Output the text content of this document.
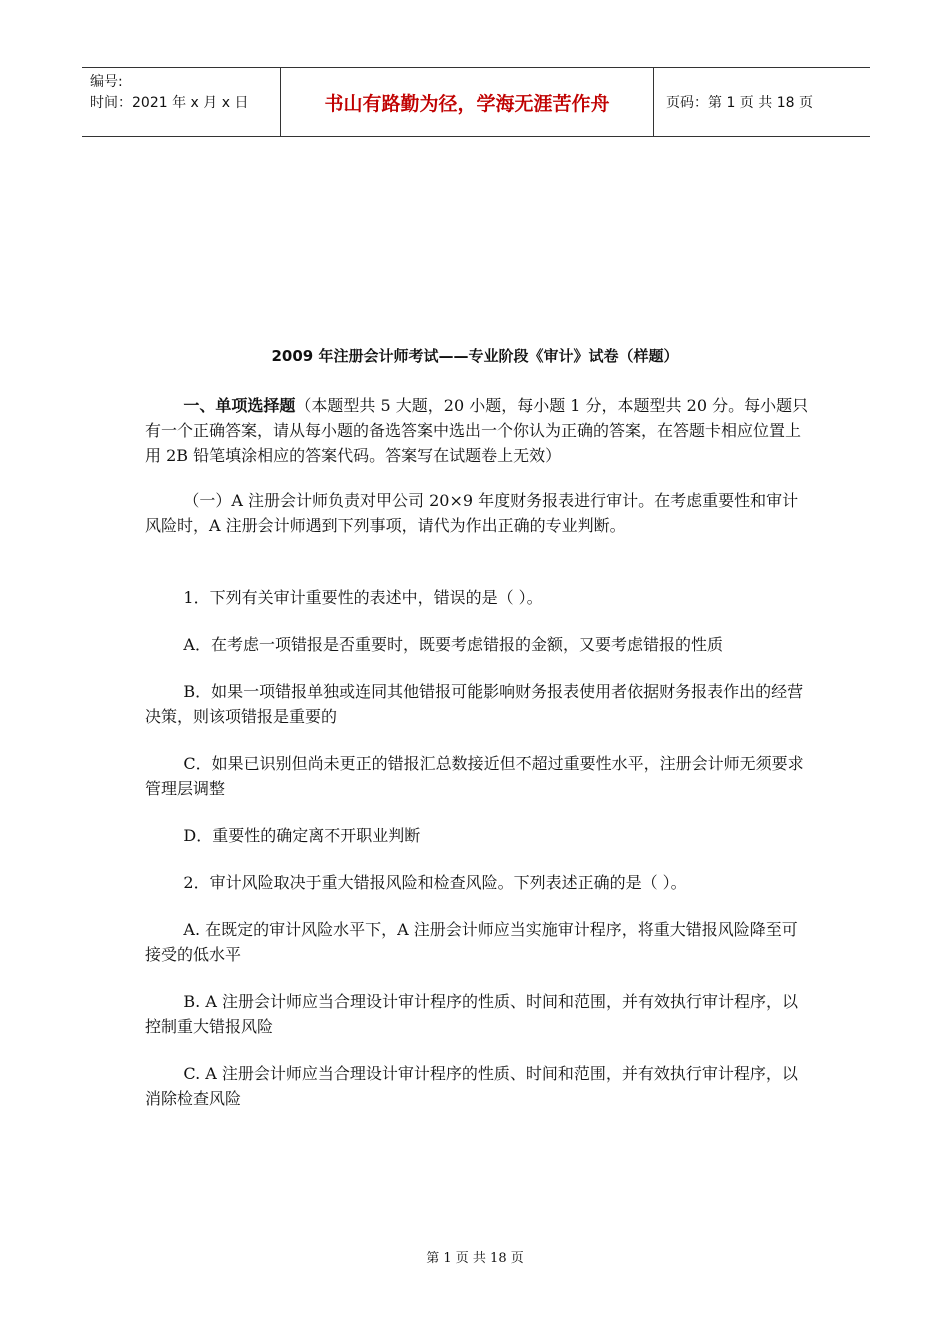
编号:
时间：2021 年 x 月 x 日	书山有路勤为径，学海无涯苦作舟	页码：第 1 页 共 18 页
2009 年注册会计师考试——专业阶段《审计》试卷（样题）

一、单项选择题（本题型共 5 大题，20 小题，每小题 1 分，本题型共 20 分。每小题只有一个正确答案，请从每小题的备选答案中选出一个你认为正确的答案，在答题卡相应位置上用 2B 铅笔填涂相应的答案代码。答案写在试题卷上无效）

（一）A 注册会计师负责对甲公司 20×9 年度财务报表进行审计。在考虑重要性和审计风险时，A 注册会计师遇到下列事项，请代为作出正确的专业判断。

1．下列有关审计重要性的表述中，错误的是（ ）。

A．在考虑一项错报是否重要时，既要考虑错报的金额，又要考虑错报的性质

B．如果一项错报单独或连同其他错报可能影响财务报表使用者依据财务报表作出的经营决策，则该项错报是重要的

C．如果已识别但尚未更正的错报汇总数接近但不超过重要性水平，注册会计师无须要求管理层调整

D．重要性的确定离不开职业判断

2．审计风险取决于重大错报风险和检查风险。下列表述正确的是（ ）。

A. 在既定的审计风险水平下，A 注册会计师应当实施审计程序，将重大错报风险降至可接受的低水平

B. A 注册会计师应当合理设计审计程序的性质、时间和范围，并有效执行审计程序，以控制重大错报风险

C. A 注册会计师应当合理设计审计程序的性质、时间和范围，并有效执行审计程序，以消除检查风险

第 1 页 共 18 页
